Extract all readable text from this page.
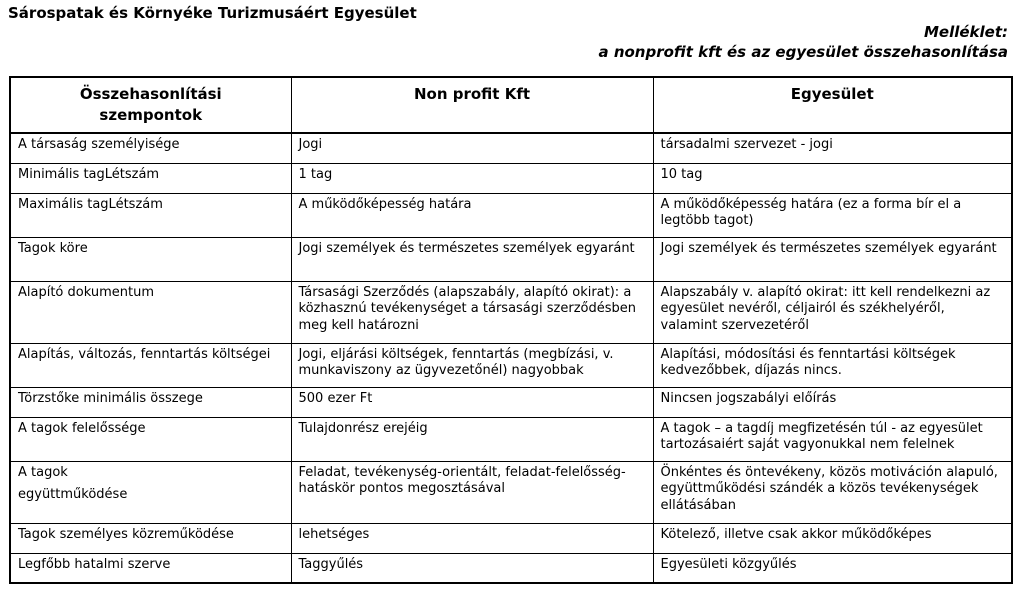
Sárospatak és Környéke Turizmusáért Egyesület
Melléklet:
a nonprofit kft és az egyesület összehasonlítása
Összehasonlítási szempontok	Non profit Kft	Egyesület
A társaság személyisége	Jogi	társadalmi szervezet - jogi
Minimális tagLétszám	1 tag	10 tag
Maximális tagLétszám	A működőképesség határa	A működőképesség határa (ez a forma bír el a legtöbb tagot)
Tagok köre	Jogi személyek és természetes személyek egyaránt	Jogi személyek és természetes személyek egyaránt
Alapító dokumentum	Társasági Szerződés (alapszabály, alapító okirat): a közhasznú tevékenységet a társasági szerződésben meg kell határozni	Alapszabály v. alapító okirat: itt kell rendelkezni az egyesület nevéről, céljairól és székhelyéről, valamint szervezetéről
Alapítás, változás, fenntartás költségei	Jogi, eljárási költségek, fenntartás (megbízási, v. munkaviszony az ügyvezetőnél) nagyobbak	Alapítási, módosítási és fenntartási költségek kedvezőbbek, díjazás nincs.
Törzstőke minimális összege	500 ezer Ft	Nincsen jogszabályi előírás
A tagok felelőssége	Tulajdonrész erejéig	A tagok – a tagdíj megfizetésén túl - az egyesület tartozásaiért saját vagyonukkal nem felelnek

A tagok
együttműködése	Feladat, tevékenység-orientált, feladat-felelősség-hatáskör pontos megosztásával	Önkéntes és öntevékeny, közös motiváción alapuló, együttműködési szándék a közös tevékenységek ellátásában
Tagok személyes közreműködése	lehetséges	Kötelező, illetve csak akkor működőképes
Legfőbb hatalmi szerve	Taggyűlés	Egyesületi közgyűlés
